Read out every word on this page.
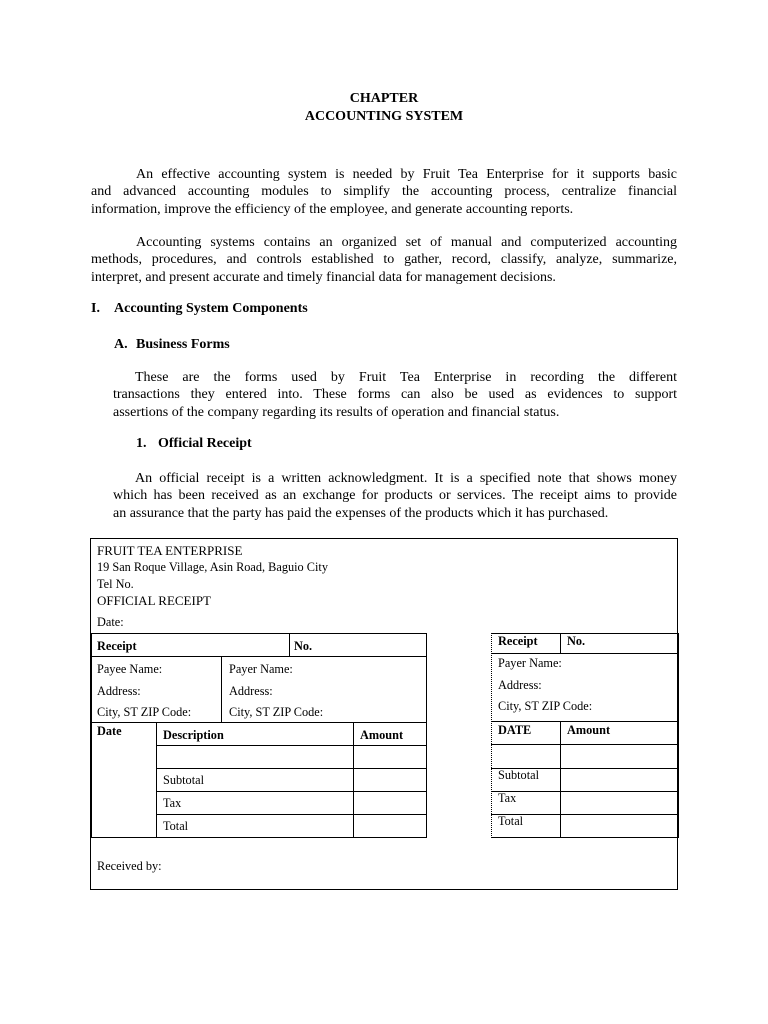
CHAPTER
ACCOUNTING SYSTEM
An effective accounting system is needed by Fruit Tea Enterprise for it supports basic
and advanced accounting modules to simplify the accounting process, centralize financial
information, improve the efficiency of the employee, and generate accounting reports.
Accounting systems contains an organized set of manual and computerized accounting
methods, procedures, and controls established to gather, record, classify, analyze, summarize,
interpret, and present accurate and timely financial data for management decisions.
I. Accounting System Components
A. Business Forms
These are the forms used by Fruit Tea Enterprise in recording the different
transactions they entered into. These forms can also be used as evidences to support
assertions of the company regarding its results of operation and financial status.
1. Official Receipt
An official receipt is a written acknowledgment. It is a specified note that shows money
which has been received as an exchange for products or services. The receipt aims to provide
an assurance that the party has paid the expenses of the products which it has purchased.
FRUIT TEA ENTERPRISE
19 San Roque Village, Asin Road, Baguio City
Tel No.
OFFICIAL RECEIPT
Date:
Receipt	No.
Payee Name:	Payer Name:
Address:	Address:
City, ST ZIP Code:	City, ST ZIP Code:
Date	Description	Amount
Subtotal
Tax
Total
Received by:
Receipt No.
Payer Name:
Address:
City, ST ZIP Code:
DATE	Amount
Subtotal
Tax
Total
